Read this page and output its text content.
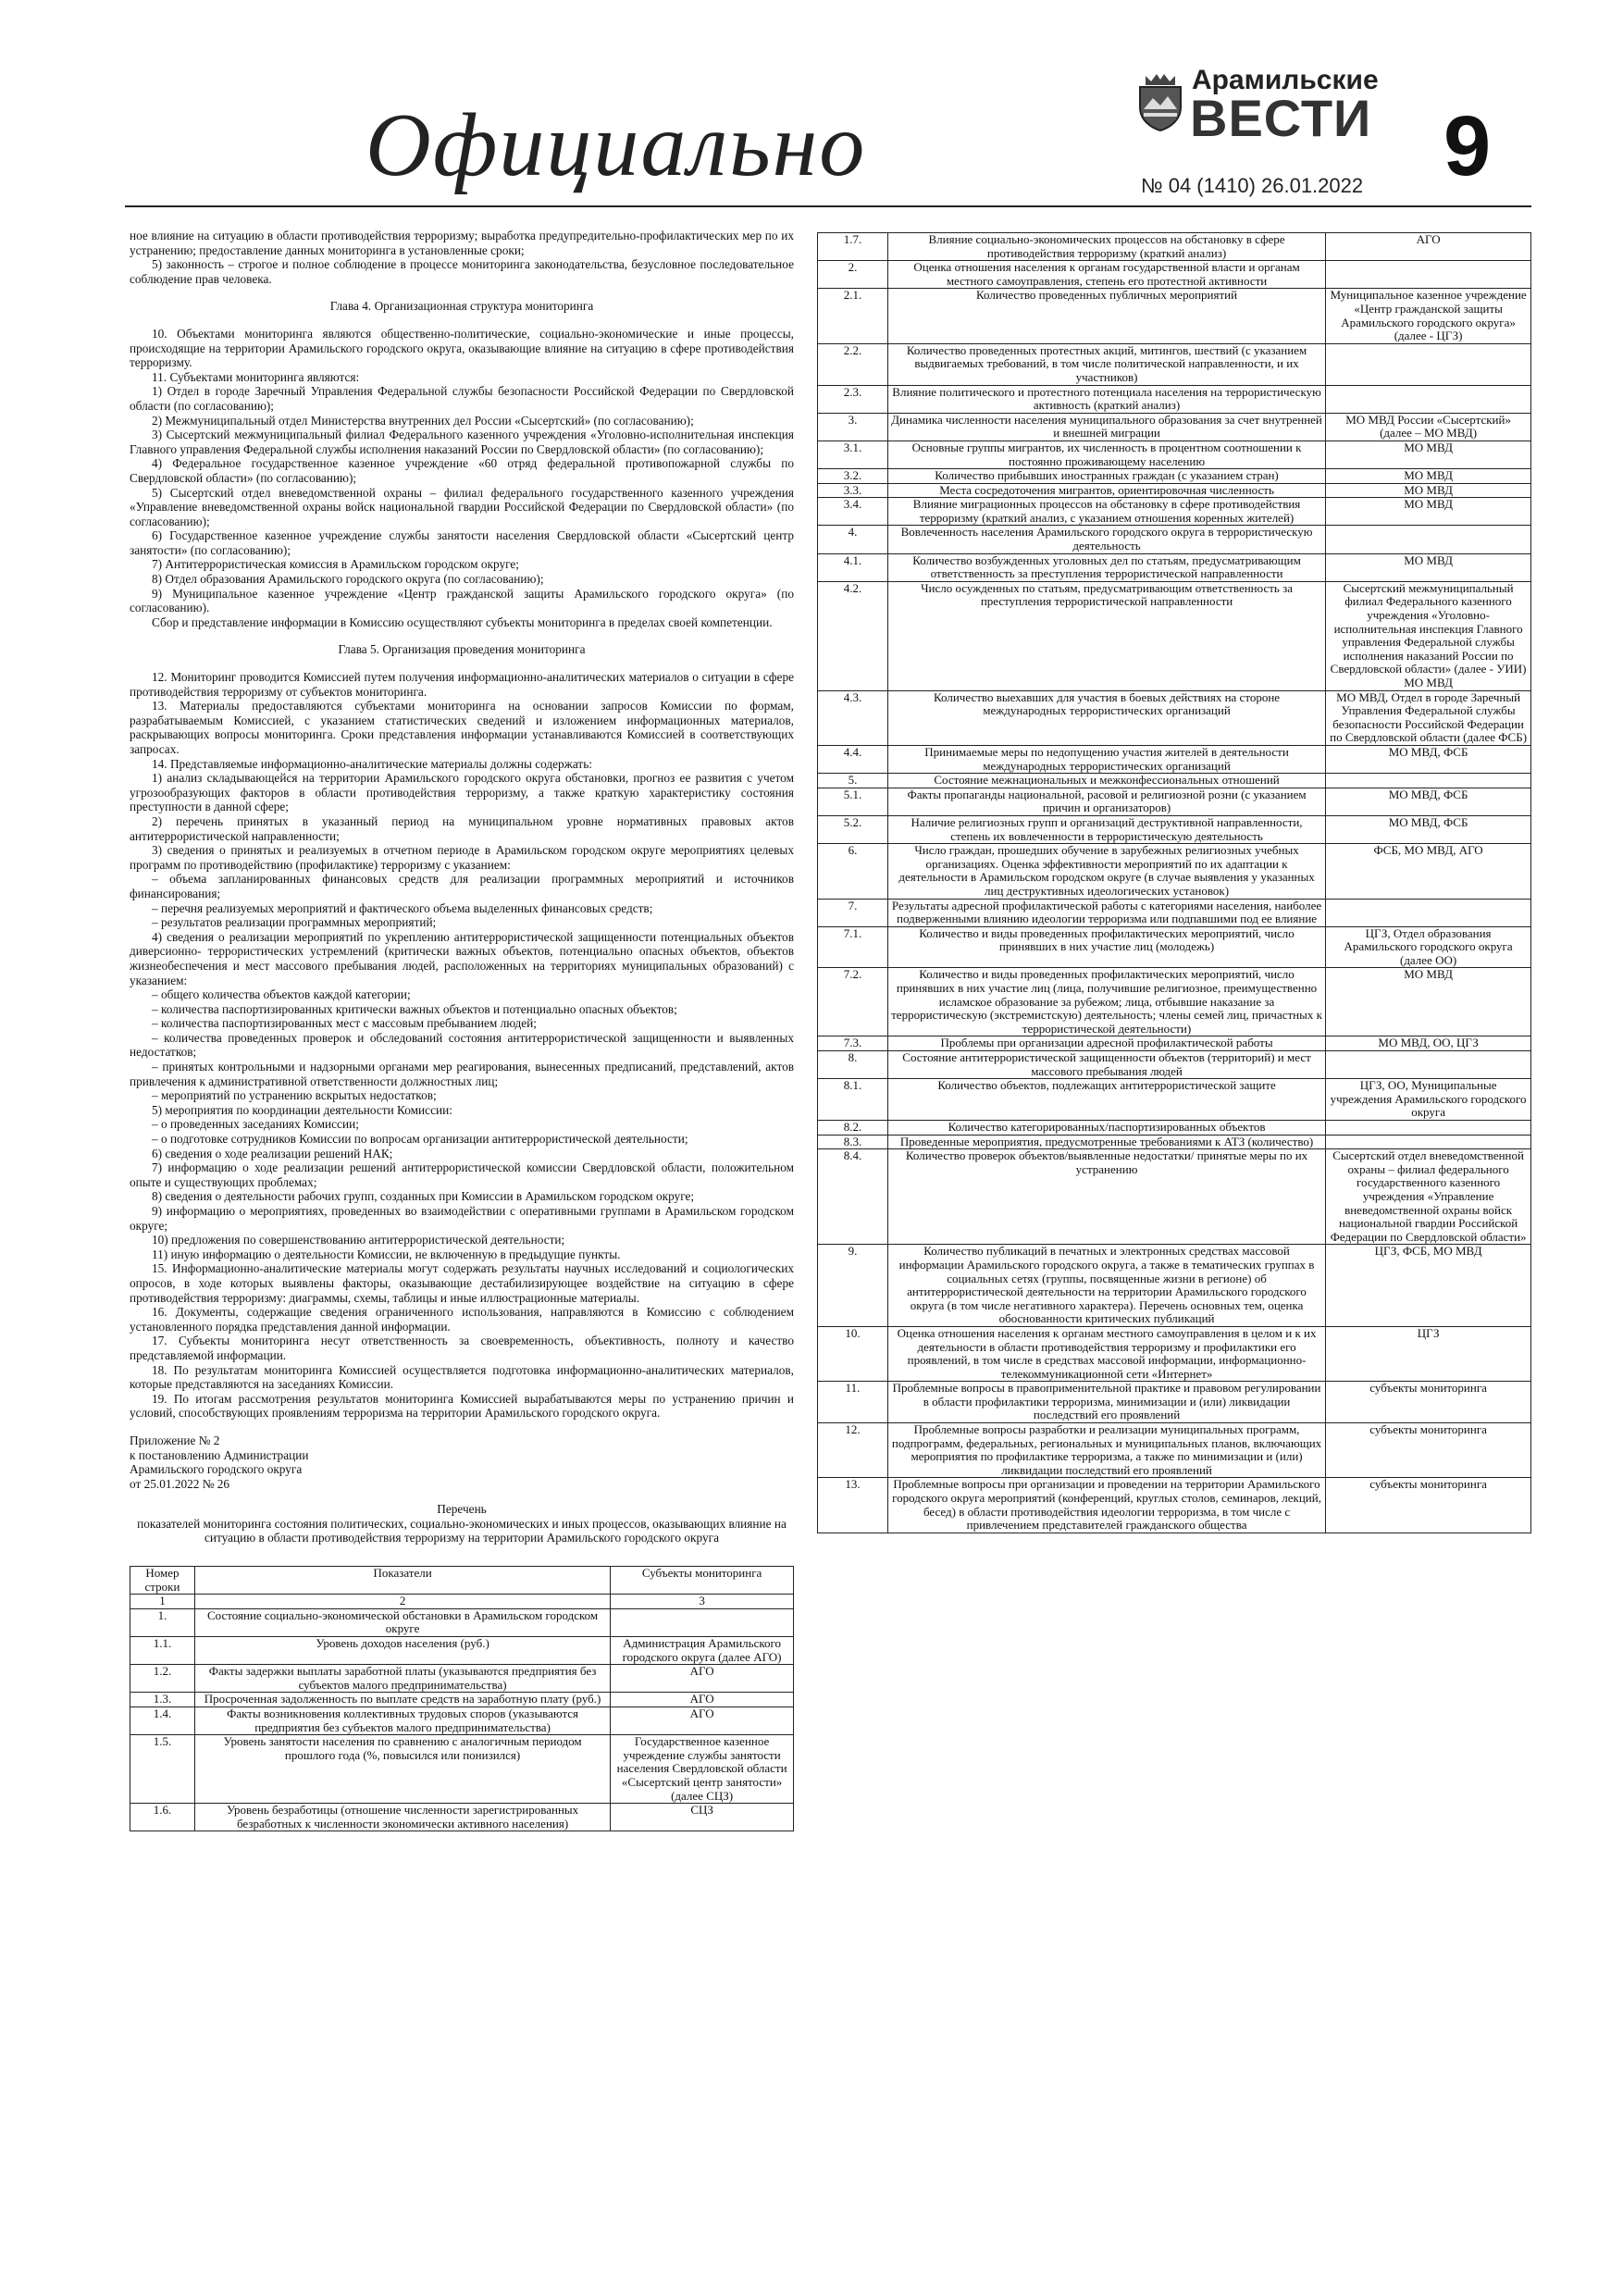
Официально
Арамильские
ВЕСТИ
№ 04 (1410) 26.01.2022 9

ное влияние на ситуацию в области противодействия терроризму; выработка предупредительно-профилактических мер по их устранению; предоставление данных мониторинга в установленные сроки;

5) законность – строгое и полное соблюдение в процессе мониторинга законодательства, безусловное последовательное соблюдение прав человека.

Глава 4. Организационная структура мониторинга

10. Объектами мониторинга являются общественно-политические, социально-экономические и иные процессы, происходящие на территории Арамильского городского округа, оказывающие влияние на ситуацию в сфере противодействия терроризму.

11. Субъектами мониторинга являются:

1) Отдел в городе Заречный Управления Федеральной службы безопасности Российской Федерации по Свердловской области (по согласованию);

2) Межмуниципальный отдел Министерства внутренних дел России «Сысертский» (по согласованию);

3) Сысертский межмуниципальный филиал Федерального казенного учреждения «Уголовно-исполнительная инспекция Главного управления Федеральной службы исполнения наказаний России по Свердловской области» (по согласованию);

4) Федеральное государственное казенное учреждение «60 отряд федеральной противопожарной службы по Свердловской области» (по согласованию);

5) Сысертский отдел вневедомственной охраны – филиал федерального государственного казенного учреждения «Управление вневедомственной охраны войск национальной гвардии Российской Федерации по Свердловской области» (по согласованию);

6) Государственное казенное учреждение службы занятости населения Свердловской области «Сысертский центр занятости» (по согласованию);

7) Антитеррористическая комиссия в Арамильском городском округе;

8) Отдел образования Арамильского городского округа (по согласованию);

9) Муниципальное казенное учреждение «Центр гражданской защиты Арамильского городского округа» (по согласованию).

Сбор и представление информации в Комиссию осуществляют субъекты мониторинга в пределах своей компетенции.

Глава 5. Организация проведения мониторинга

12. Мониторинг проводится Комиссией путем получения информационно-аналитических материалов о ситуации в сфере противодействия терроризму от субъектов мониторинга.

13. Материалы предоставляются субъектами мониторинга на основании запросов Комиссии по формам, разрабатываемым Комиссией, с указанием статистических сведений и изложением информационных материалов, раскрывающих вопросы мониторинга. Сроки представления информации устанавливаются Комиссией в соответствующих запросах.

14. Представляемые информационно-аналитические материалы должны содержать:

1) анализ складывающейся на территории Арамильского городского округа обстановки, прогноз ее развития с учетом угрозообразующих факторов в области противодействия терроризму, а также краткую характеристику состояния преступности в данной сфере;

2) перечень принятых в указанный период на муниципальном уровне нормативных правовых актов антитеррористической направленности;

3) сведения о принятых и реализуемых в отчетном периоде в Арамильском городском округе мероприятиях целевых программ по противодействию (профилактике) терроризму с указанием:

– объема запланированных финансовых средств для реализации программных мероприятий и источников финансирования;

– перечня реализуемых мероприятий и фактического объема выделенных финансовых средств;

– результатов реализации программных мероприятий;

4) сведения о реализации мероприятий по укреплению антитеррористической защищенности потенциальных объектов диверсионно- террористических устремлений (критически важных объектов, потенциально опасных объектов, объектов жизнеобеспечения и мест массового пребывания людей, расположенных на территориях муниципальных образований) с указанием:

– общего количества объектов каждой категории;

– количества паспортизированных критически важных объектов и потенциально опасных объектов;

– количества паспортизированных мест с массовым пребыванием людей;

– количества проведенных проверок и обследований состояния антитеррористической защищенности и выявленных недостатков;

– принятых контрольными и надзорными органами мер реагирования, вынесенных предписаний, представлений, актов привлечения к административной ответственности должностных лиц;

– мероприятий по устранению вскрытых недостатков;

5) мероприятия по координации деятельности Комиссии:

– о проведенных заседаниях Комиссии;

– о подготовке сотрудников Комиссии по вопросам организации антитеррористической деятельности;

6) сведения о ходе реализации решений НАК;

7) информацию о ходе реализации решений антитеррористической комиссии Свердловской области, положительном опыте и существующих проблемах;

8) сведения о деятельности рабочих групп, созданных при Комиссии в Арамильском городском округе;

9) информацию о мероприятиях, проведенных во взаимодействии с оперативными группами в Арамильском городском округе;

10) предложения по совершенствованию антитеррористической деятельности;

11) иную информацию о деятельности Комиссии, не включенную в предыдущие пункты.

15. Информационно-аналитические материалы могут содержать результаты научных исследований и социологических опросов, в ходе которых выявлены факторы, оказывающие дестабилизирующее воздействие на ситуацию в сфере противодействия терроризму: диаграммы, схемы, таблицы и иные иллюстрационные материалы.

16. Документы, содержащие сведения ограниченного использования, направляются в Комиссию с соблюдением установленного порядка представления данной информации.

17. Субъекты мониторинга несут ответственность за своевременность, объективность, полноту и качество представляемой информации.

18. По результатам мониторинга Комиссией осуществляется подготовка информационно-аналитических материалов, которые представляются на заседаниях Комиссии.

19. По итогам рассмотрения результатов мониторинга Комиссией вырабатываются меры по устранению причин и условий, способствующих проявлениям терроризма на территории Арамильского городского округа.

Приложение № 2

к постановлению Администрации

Арамильского городского округа

от 25.01.2022 № 26

Перечень

показателей мониторинга состояния политических, социально-экономических и иных процессов, оказывающих влияние на ситуацию в области противодействия терроризму на территории Арамильского городского округа

Номер строки	Показатели	Субъекты мониторинга
1	2	3
1.	Состояние социально-экономической обстановки в Арамильском городском округе	
1.1.	Уровень доходов населения (руб.)	Администрация Арамильского городского округа (далее АГО)
1.2.	Факты задержки выплаты заработной платы (указываются предприятия без субъектов малого предпринимательства)	АГО
1.3.	Просроченная задолженность по выплате средств на заработную плату (руб.)	АГО
1.4.	Факты возникновения коллективных трудовых споров (указываются предприятия без субъектов малого предпринимательства)	АГО
1.5.	Уровень занятости населения по сравнению с аналогичным периодом прошлого года (%, повысился или понизился)	Государственное казенное учреждение службы занятости населения Свердловской области «Сысертский центр занятости» (далее СЦЗ)
1.6.	Уровень безработицы (отношение численности зарегистрированных безработных к численности экономически активного населения)	СЦЗ
1.7.	Влияние социально-экономических процессов на обстановку в сфере противодействия терроризму (краткий анализ)	АГО
2.	Оценка отношения населения к органам государственной власти и органам местного самоуправления, степень его протестной активности	
2.1.	Количество проведенных публичных мероприятий	Муниципальное казенное учреждение «Центр гражданской защиты Арамильского городского округа» (далее - ЦГЗ)
2.2.	Количество проведенных протестных акций, митингов, шествий (с указанием выдвигаемых требований, в том числе политической направленности, и их участников)	
2.3.	Влияние политического и протестного потенциала населения на террористическую активность (краткий анализ)	
3.	Динамика численности населения муниципального образования за счет внутренней и внешней миграции	МО МВД России «Сысертский» (далее – МО МВД)
3.1.	Основные группы мигрантов, их численность в процентном соотношении к постоянно проживающему населению	МО МВД
3.2.	Количество прибывших иностранных граждан (с указанием стран)	МО МВД
3.3.	Места сосредоточения мигрантов, ориентировочная численность	МО МВД
3.4.	Влияние миграционных процессов на обстановку в сфере противодействия терроризму (краткий анализ, с указанием отношения коренных жителей)	МО МВД
4.	Вовлеченность населения Арамильского городского округа в террористическую деятельность	
4.1.	Количество возбужденных уголовных дел по статьям, предусматривающим ответственность за преступления террористической направленности	МО МВД
4.2.	Число осужденных по статьям, предусматривающим ответственность за преступления террористической направленности	Сысертский межмуниципальный филиал Федерального казенного учреждения «Уголовно-исполнительная инспекция Главного управления Федеральной службы исполнения наказаний России по Свердловской области» (далее - УИИ) МО МВД
4.3.	Количество выехавших для участия в боевых действиях на стороне международных террористических организаций	МО МВД, Отдел в городе Заречный Управления Федеральной службы безопасности Российской Федерации по Свердловской области (далее ФСБ)
4.4.	Принимаемые меры по недопущению участия жителей в деятельности международных террористических организаций	МО МВД, ФСБ
5.	Состояние межнациональных и межконфессиональных отношений	
5.1.	Факты пропаганды национальной, расовой и религиозной розни (с указанием причин и организаторов)	МО МВД, ФСБ
5.2.	Наличие религиозных групп и организаций деструктивной направленности, степень их вовлеченности в террористическую деятельность	МО МВД, ФСБ
6.	Число граждан, прошедших обучение в зарубежных религиозных учебных организациях. Оценка эффективности мероприятий по их адаптации к деятельности в Арамильском городском округе (в случае выявления у указанных лиц деструктивных идеологических установок)	ФСБ, МО МВД, АГО
7.	Результаты адресной профилактической работы с категориями населения, наиболее подверженными влиянию идеологии терроризма или подпавшими под ее влияние	
7.1.	Количество и виды проведенных профилактических мероприятий, число принявших в них участие лиц (молодежь)	ЦГЗ, Отдел образования Арамильского городского округа (далее ОО)
7.2.	Количество и виды проведенных профилактических мероприятий, число принявших в них участие лиц (лица, получившие религиозное, преимущественно исламское образование за рубежом; лица, отбывшие наказание за террористическую (экстремистскую) деятельность; члены семей лиц, причастных к террористической деятельности)	МО МВД
7.3.	Проблемы при организации адресной профилактической работы	МО МВД, ОО, ЦГЗ
8.	Состояние антитеррористической защищенности объектов (территорий) и мест массового пребывания людей	
8.1.	Количество объектов, подлежащих антитеррористической защите	ЦГЗ, ОО, Муниципальные учреждения Арамильского городского округа
8.2.	Количество категорированных/паспортизированных объектов	
8.3.	Проведенные мероприятия, предусмотренные требованиями к АТЗ (количество)	
8.4.	Количество проверок объектов/выявленные недостатки/ принятые меры по их устранению	Сысертский отдел вневедомственной охраны – филиал федерального государственного казенного учреждения «Управление вневедомственной охраны войск национальной гвардии Российской Федерации по Свердловской области»
9.	Количество публикаций в печатных и электронных средствах массовой информации Арамильского городского округа, а также в тематических группах в социальных сетях (группы, посвященные жизни в регионе) об антитеррористической деятельности на территории Арамильского городского округа (в том числе негативного характера). Перечень основных тем, оценка обоснованности критических публикаций	ЦГЗ, ФСБ, МО МВД
10.	Оценка отношения населения к органам местного самоуправления в целом и к их деятельности в области противодействия терроризму и профилактики его проявлений, в том числе в средствах массовой информации, информационно-телекоммуникационной сети «Интернет»	ЦГЗ
11.	Проблемные вопросы в правоприменительной практике и правовом регулировании в области профилактики терроризма, минимизации и (или) ликвидации последствий его проявлений	субъекты мониторинга
12.	Проблемные вопросы разработки и реализации муниципальных программ, подпрограмм, федеральных, региональных и муниципальных планов, включающих мероприятия по профилактике терроризма, а также по минимизации и (или) ликвидации последствий его проявлений	субъекты мониторинга
13.	Проблемные вопросы при организации и проведении на территории Арамильского городского округа мероприятий (конференций, круглых столов, семинаров, лекций, бесед) в области противодействия идеологии терроризма, в том числе с привлечением представителей гражданского общества	субъекты мониторинга
